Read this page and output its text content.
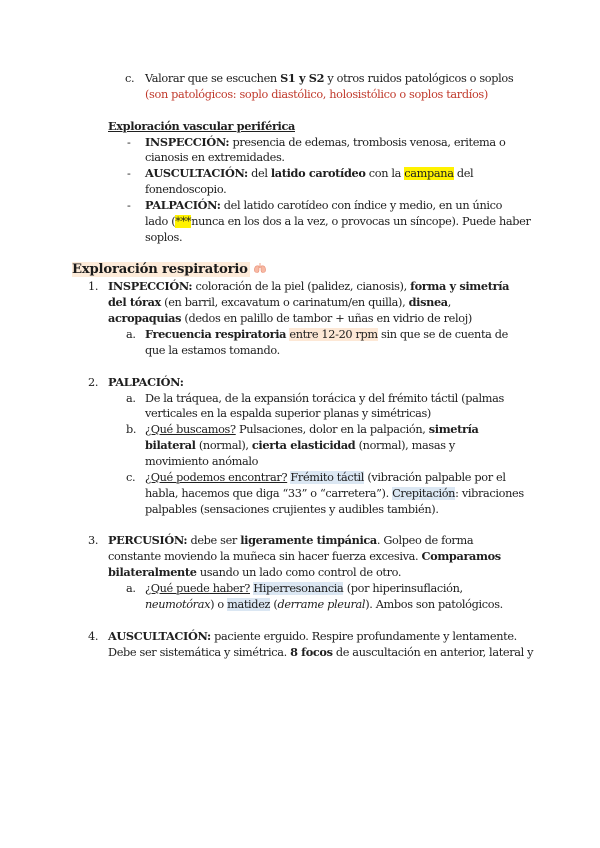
c. Valorar que se escuchen S1 y S2 y otros ruidos patológicos o soplos
(son patológicos: soplo diastólico, holosistólico o soplos tardíos)
Exploración vascular periférica
- INSPECCIÓN: presencia de edemas, trombosis venosa, eritema o
cianosis en extremidades.
- AUSCULTACIÓN: del latido carotídeo con la campana del
fonendoscopio.
- PALPACIÓN: del latido carotídeo con índice y medio, en un único
lado (***nunca en los dos a la vez, o provocas un síncope). Puede haber
soplos.
Exploración respiratorio
1. INSPECCIÓN: coloración de la piel (palidez, cianosis), forma y simetría
del tórax (en barril, excavatum o carinatum/en quilla), disnea,
acropaquias (dedos en palillo de tambor + uñas en vidrio de reloj)
a. Frecuencia respiratoria entre 12-20 rpm sin que se de cuenta de
que la estamos tomando.
2. PALPACIÓN:
a. De la tráquea, de la expansión torácica y del frémito táctil (palmas
verticales en la espalda superior planas y simétricas)
b. ¿Qué buscamos? Pulsaciones, dolor en la palpación, simetría
bilateral (normal), cierta elasticidad (normal), masas y
movimiento anómalo
c. ¿Qué podemos encontrar? Frémito táctil (vibración palpable por el
habla, hacemos que diga “33” o “carretera”). Crepitación: vibraciones
palpables (sensaciones crujientes y audibles también).
3. PERCUSIÓN: debe ser ligeramente timpánica. Golpeo de forma
constante moviendo la muñeca sin hacer fuerza excesiva. Comparamos
bilateralmente usando un lado como control de otro.
a. ¿Qué puede haber? Hiperresonancia (por hiperinsuflación,
neumotórax) o matidez (derrame pleural). Ambos son patológicos.
4. AUSCULTACIÓN: paciente erguido. Respire profundamente y lentamente.
Debe ser sistemática y simétrica. 8 focos de auscultación en anterior, lateral y
